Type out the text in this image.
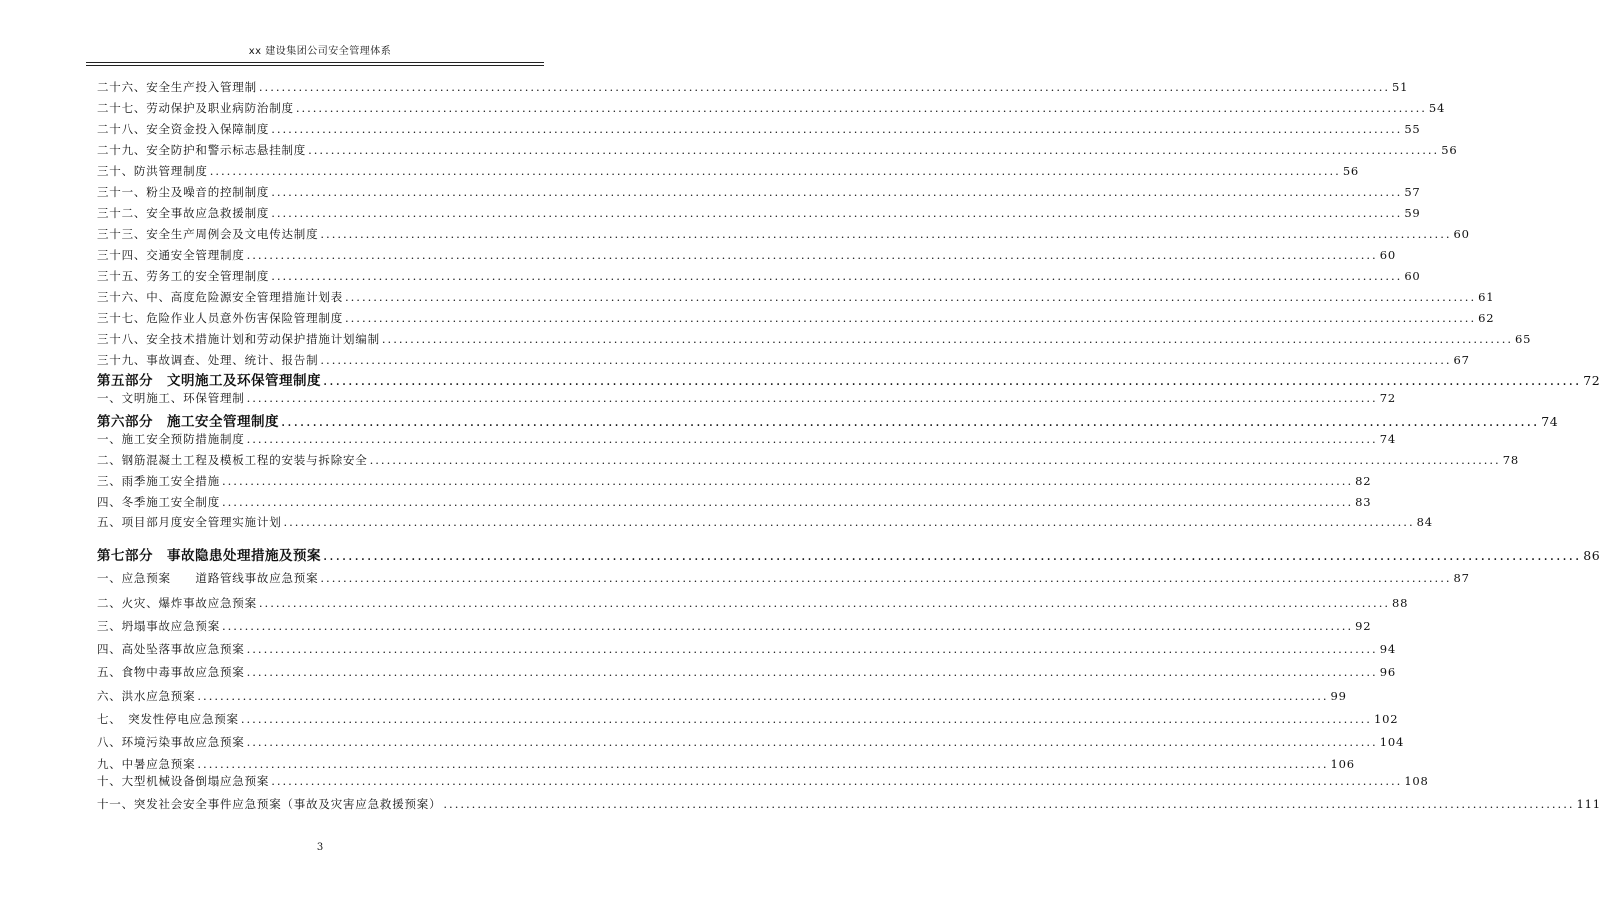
xx 建设集团公司安全管理体系
二十六、安全生产投入管理制 ........................................................................................................................................................................................................ 51
二十七、劳动保护及职业病防治制度 ........................................................................................................................................................................................................ 54
二十八、安全资金投入保障制度 ........................................................................................................................................................................................................ 55
二十九、安全防护和警示标志悬挂制度 ........................................................................................................................................................................................................ 56
三十、防洪管理制度 ........................................................................................................................................................................................................ 56
三十一、粉尘及噪音的控制制度 ........................................................................................................................................................................................................ 57
三十二、安全事故应急救援制度 ........................................................................................................................................................................................................ 59
三十三、安全生产周例会及文电传达制度 ........................................................................................................................................................................................................ 60
三十四、交通安全管理制度 ........................................................................................................................................................................................................ 60
三十五、劳务工的安全管理制度 ........................................................................................................................................................................................................ 60
三十六、中、高度危险源安全管理措施计划表 ........................................................................................................................................................................................................ 61
三十七、危险作业人员意外伤害保险管理制度 ........................................................................................................................................................................................................ 62
三十八、安全技术措施计划和劳动保护措施计划编制 ........................................................................................................................................................................................................ 65
三十九、事故调查、处理、统计、报告制 ........................................................................................................................................................................................................ 67
第五部分　文明施工及环保管理制度 ........................................................................................................................................................................................................ 72
一、文明施工、环保管理制 ........................................................................................................................................................................................................ 72
第六部分　施工安全管理制度 ........................................................................................................................................................................................................ 74
一、施工安全预防措施制度 ........................................................................................................................................................................................................ 74
二、钢筋混凝土工程及模板工程的安装与拆除安全 ........................................................................................................................................................................................................ 78
三、雨季施工安全措施 ........................................................................................................................................................................................................ 82
四、冬季施工安全制度 ........................................................................................................................................................................................................ 83
五、项目部月度安全管理实施计划 ........................................................................................................................................................................................................ 84
第七部分　事故隐患处理措施及预案 ........................................................................................................................................................................................................ 86
一、应急预案　　道路管线事故应急预案 ........................................................................................................................................................................................................ 87
二、火灾、爆炸事故应急预案 ........................................................................................................................................................................................................ 88
三、坍塌事故应急预案 ........................................................................................................................................................................................................ 92
四、高处坠落事故应急预案 ........................................................................................................................................................................................................ 94
五、食物中毒事故应急预案 ........................................................................................................................................................................................................ 96
六、洪水应急预案 ........................................................................................................................................................................................................ 99
七、　突发性停电应急预案 ........................................................................................................................................................................................................ 102
八、环境污染事故应急预案 ........................................................................................................................................................................................................ 104
九、中暑应急预案 ........................................................................................................................................................................................................ 106
十、大型机械设备倒塌应急预案 ........................................................................................................................................................................................................ 108
十一、突发社会安全事件应急预案（事故及灾害应急救援预案） ........................................................................................................................................................................................................ 111
3
